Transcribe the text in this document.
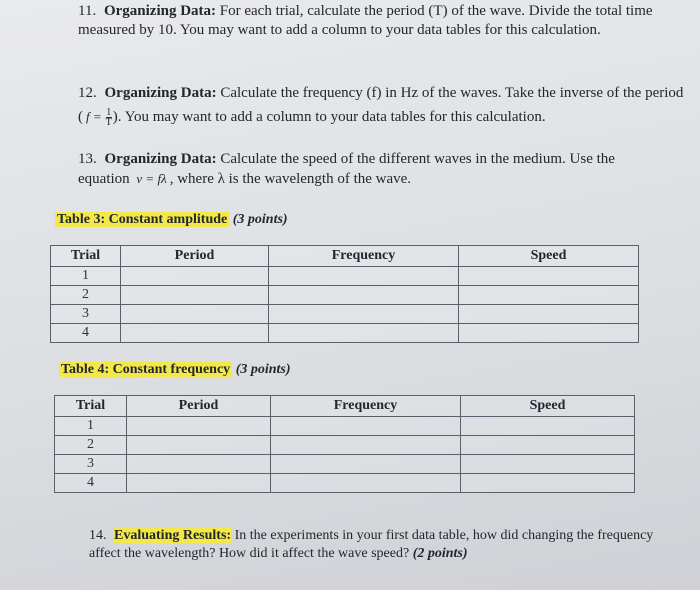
11. Organizing Data: For each trial, calculate the period (T) of the wave. Divide the total time measured by 10. You may want to add a column to your data tables for this calculation.
12. Organizing Data: Calculate the frequency (f) in Hz of the waves. Take the inverse of the period ( $f = \frac{1}{T}$ ). You may want to add a column to your data tables for this calculation.
13. Organizing Data: Calculate the speed of the different waves in the medium. Use the equation v = fλ , where λ is the wavelength of the wave.
Table 3: Constant amplitude (3 points)
Trial	Period	Frequency	Speed
1			
2			
3			
4			
Table 4: Constant frequency (3 points)
Trial	Period	Frequency	Speed
1			
2			
3			
4			
14. Evaluating Results: In the experiments in your first data table, how did changing the frequency affect the wavelength? How did it affect the wave speed? (2 points)
